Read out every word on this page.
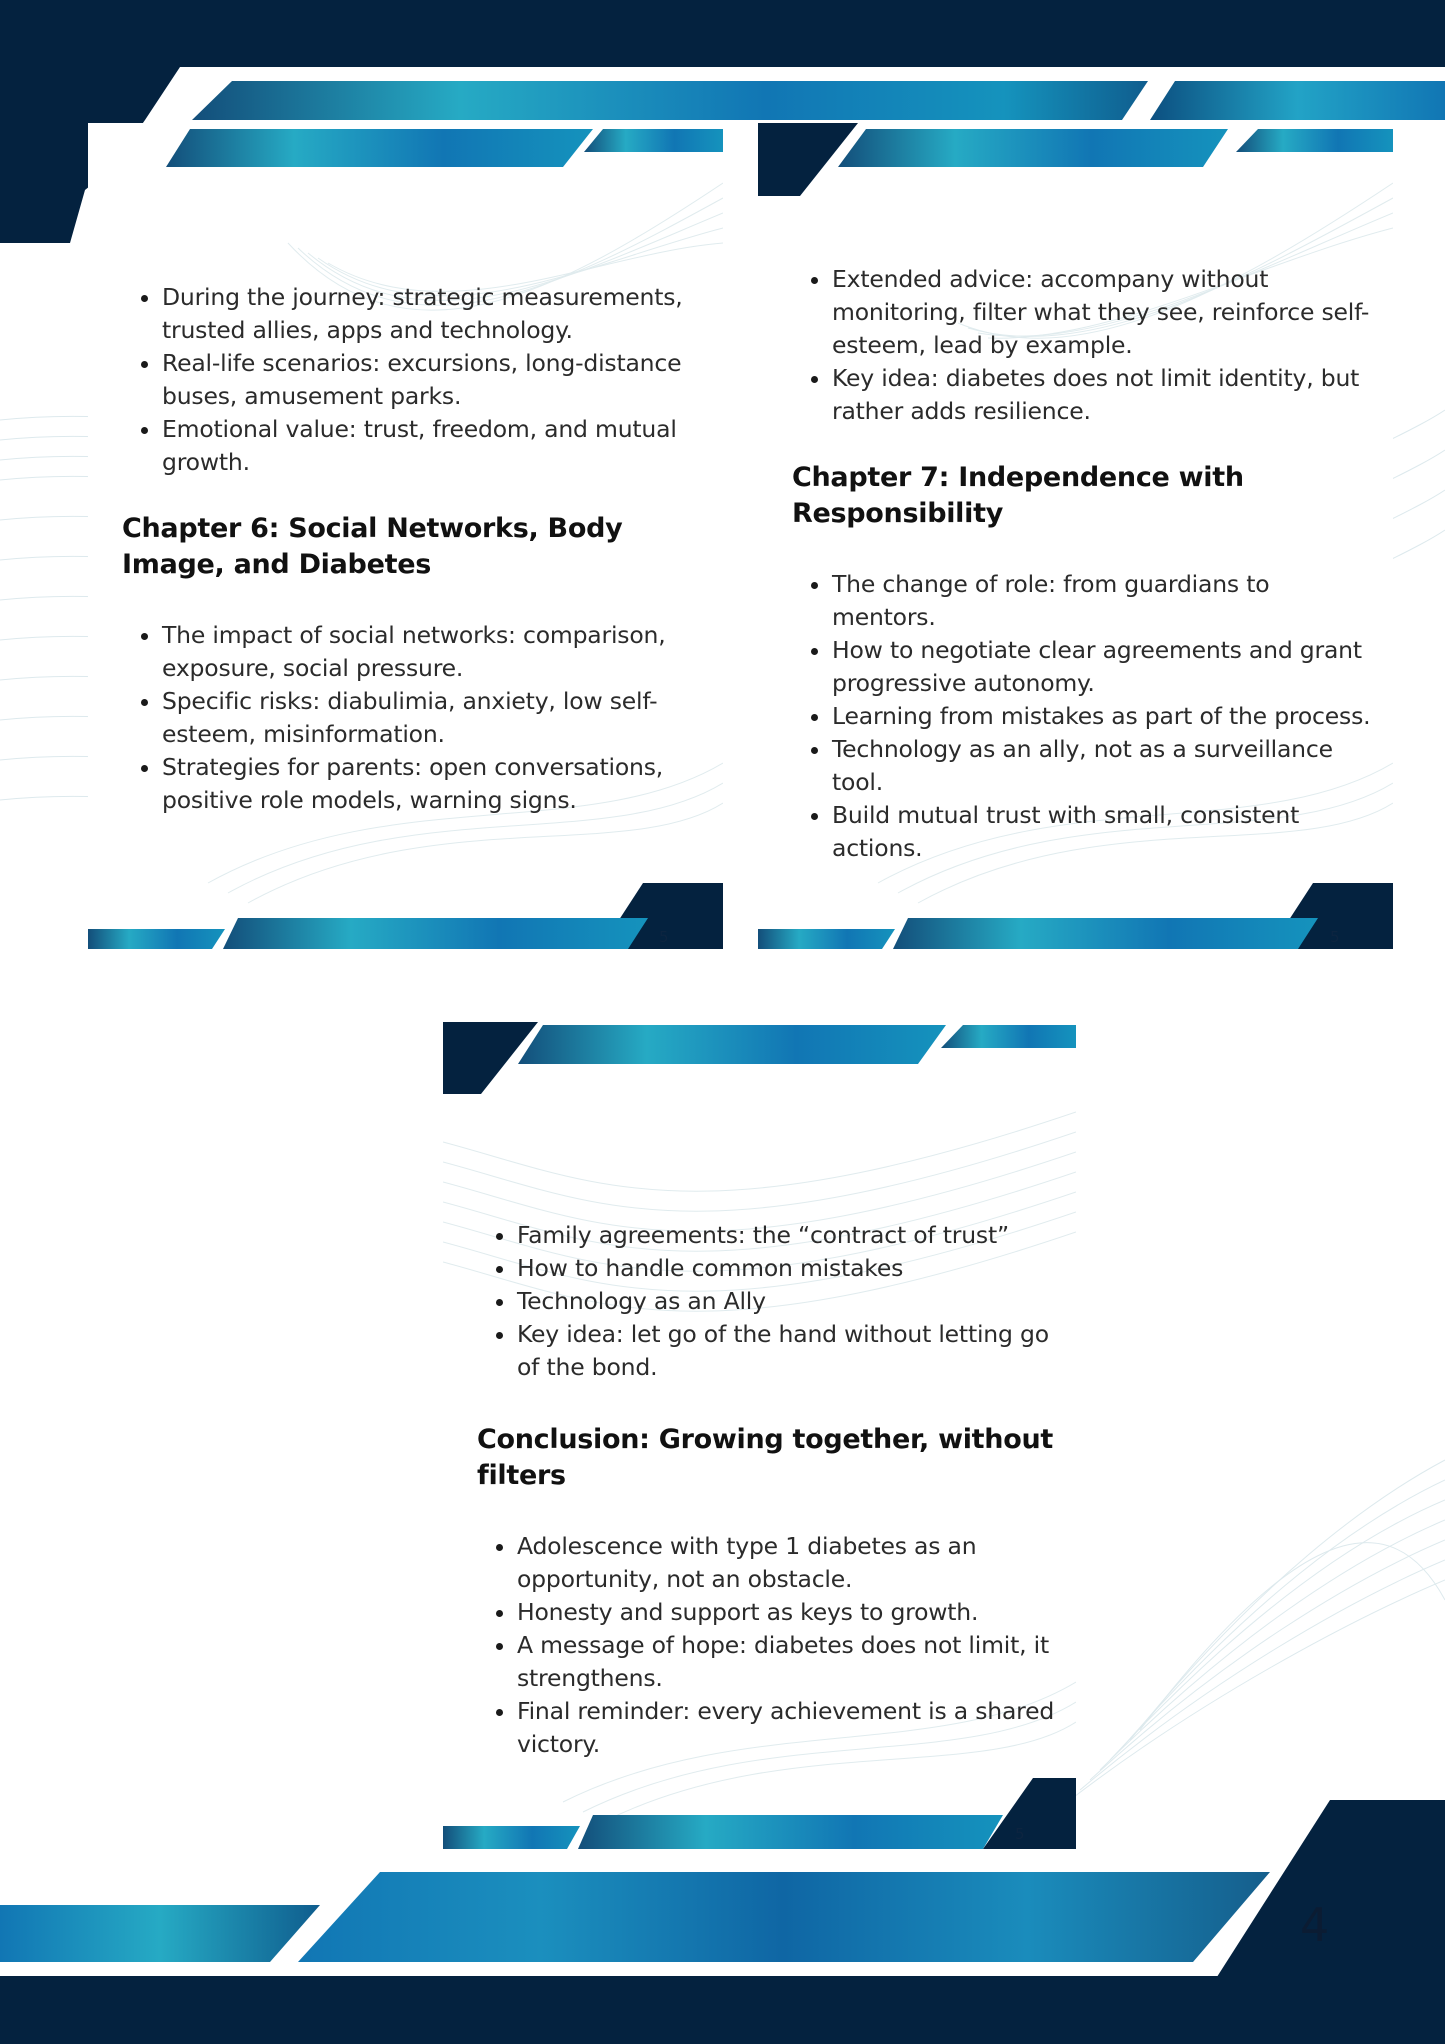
During the journey: strategic measurements, trusted allies, apps and technology.
Real-life scenarios: excursions, long-distance buses, amusement parks.
Emotional value: trust, freedom, and mutual growth.
Chapter 6: Social Networks, Body Image, and Diabetes
The impact of social networks: comparison, exposure, social pressure.
Specific risks: diabulimia, anxiety, low self-esteem, misinformation.
Strategies for parents: open conversations, positive role models, warning signs.
5
Extended advice: accompany without monitoring, filter what they see, reinforce self-esteem, lead by example.
Key idea: diabetes does not limit identity, but rather adds resilience.
Chapter 7: Independence with Responsibility
The change of role: from guardians to mentors.
How to negotiate clear agreements and grant progressive autonomy.
Learning from mistakes as part of the process.
Technology as an ally, not as a surveillance tool.
Build mutual trust with small, consistent actions.
5
Family agreements: the “contract of trust”
How to handle common mistakes
Technology as an Ally
Key idea: let go of the hand without letting go of the bond.
Conclusion: Growing together, without filters
Adolescence with type 1 diabetes as an opportunity, not an obstacle.
Honesty and support as keys to growth.
A message of hope: diabetes does not limit, it strengthens.
Final reminder: every achievement is a shared victory.
5
4
